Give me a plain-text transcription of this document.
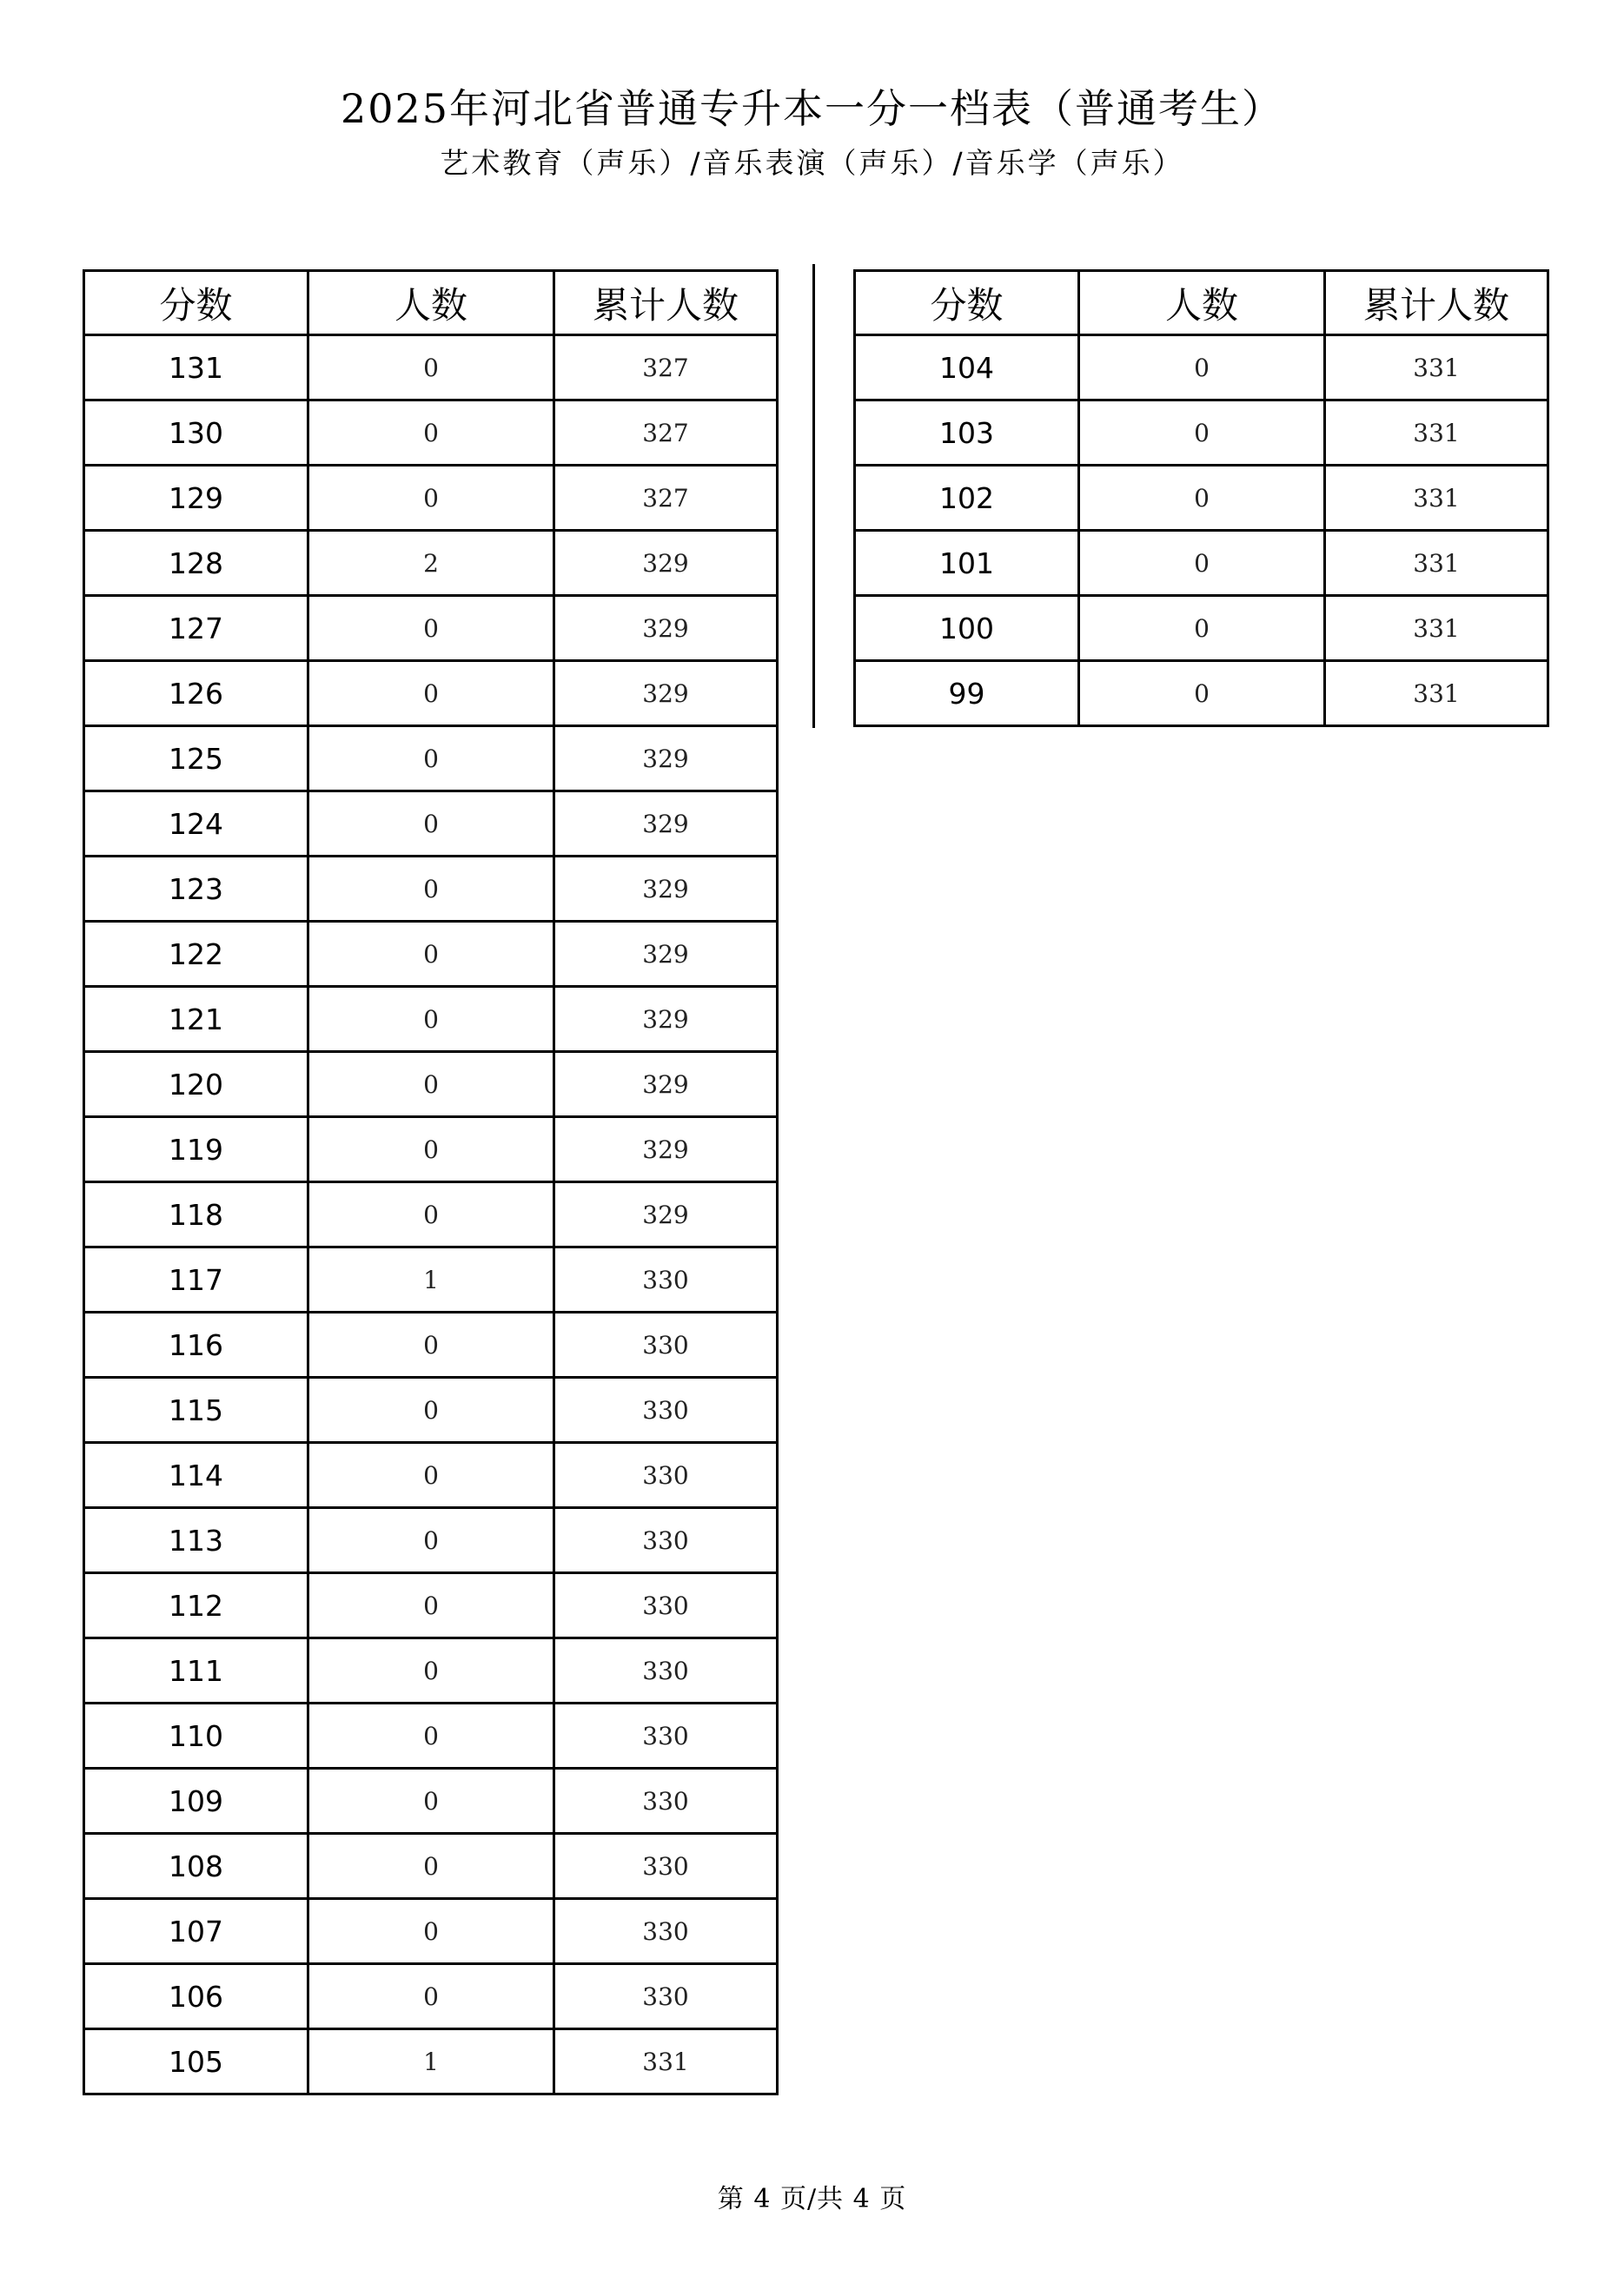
2025年河北省普通专升本一分一档表（普通考生）
艺术教育（声乐）/音乐表演（声乐）/音乐学（声乐）
分数	人数	累计人数
131	0	327
130	0	327
129	0	327
128	2	329
127	0	329
126	0	329
125	0	329
124	0	329
123	0	329
122	0	329
121	0	329
120	0	329
119	0	329
118	0	329
117	1	330
116	0	330
115	0	330
114	0	330
113	0	330
112	0	330
111	0	330
110	0	330
109	0	330
108	0	330
107	0	330
106	0	330
105	1	331
分数	人数	累计人数
104	0	331
103	0	331
102	0	331
101	0	331
100	0	331
99	0	331
第 4 页/共 4 页
